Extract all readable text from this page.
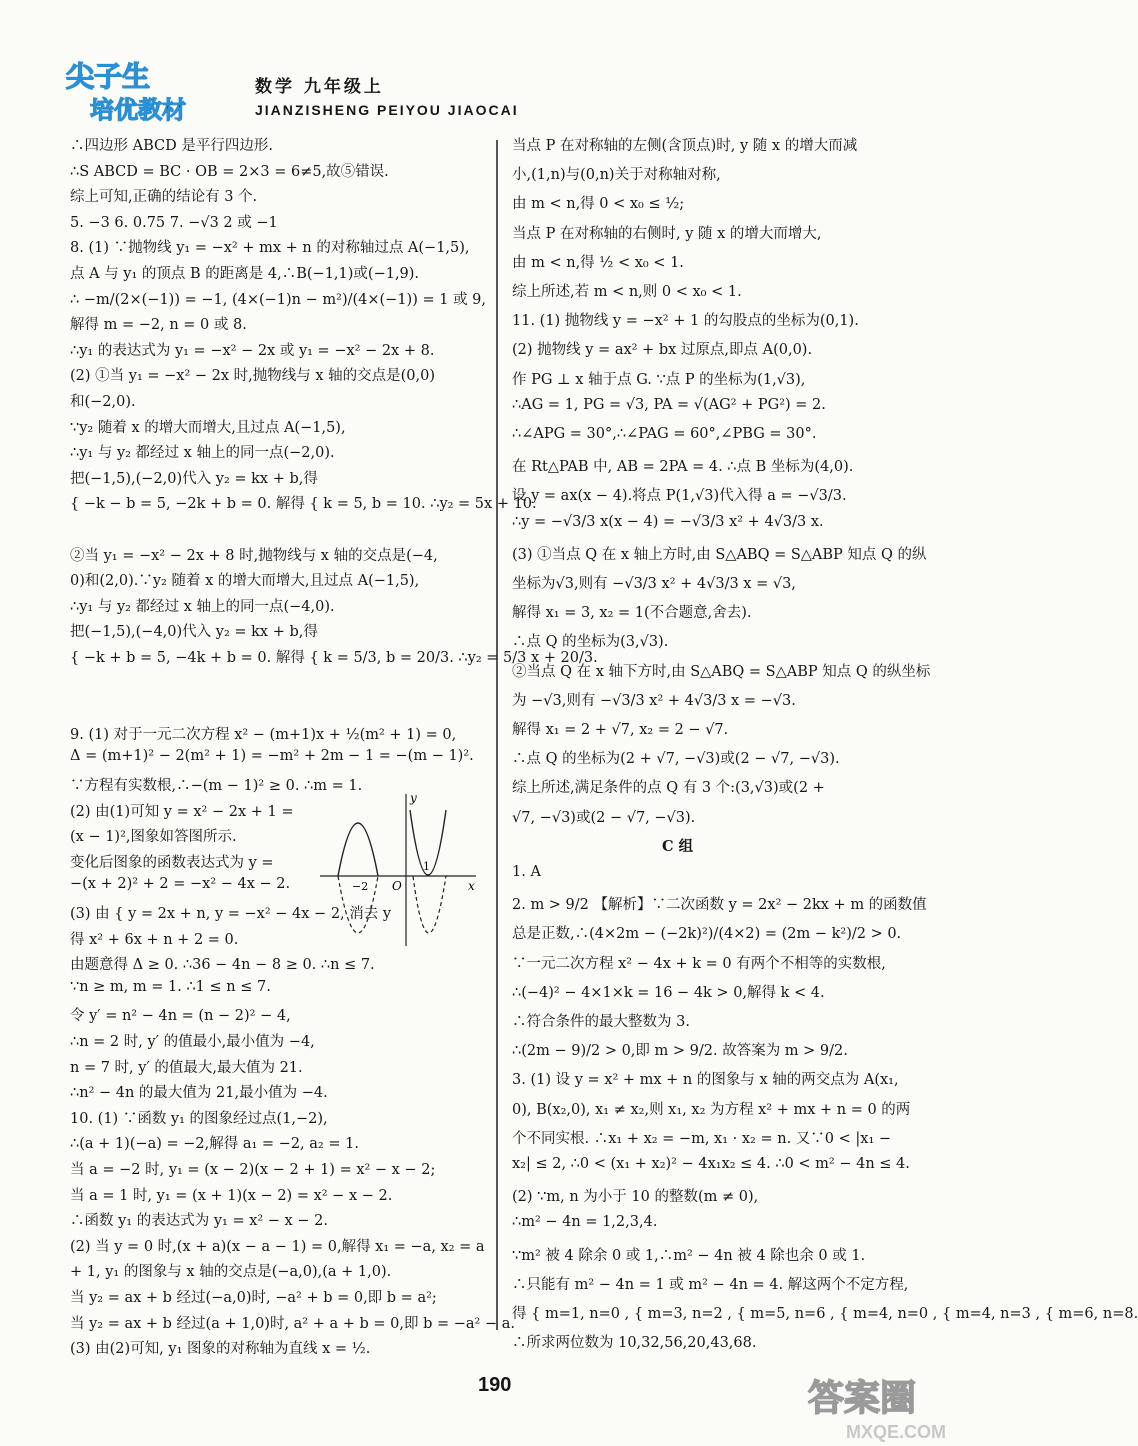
尖子生
培优教材
数学 九年级上
JIANZISHENG PEIYOU JIAOCAI
∴四边形 ABCD 是平行四边形.
∴S ABCD = BC · OB = 2×3 = 6≠5,故⑤错误.
综上可知,正确的结论有 3 个.
5. −3 6. 0.75 7. −√3 2 或 −1
8. (1) ∵抛物线 y₁ = −x² + mx + n 的对称轴过点 A(−1,5),
点 A 与 y₁ 的顶点 B 的距离是 4,∴B(−1,1)或(−1,9).
∴ −m/(2×(−1)) = −1, (4×(−1)n − m²)/(4×(−1)) = 1 或 9,
解得 m = −2, n = 0 或 8.
∴y₁ 的表达式为 y₁ = −x² − 2x 或 y₁ = −x² − 2x + 8.
(2) ①当 y₁ = −x² − 2x 时,抛物线与 x 轴的交点是(0,0)
和(−2,0).
∵y₂ 随着 x 的增大而增大,且过点 A(−1,5),
∴y₁ 与 y₂ 都经过 x 轴上的同一点(−2,0).
把(−1,5),(−2,0)代入 y₂ = kx + b,得
{ −k − b = 5, −2k + b = 0. 解得 { k = 5, b = 10. ∴y₂ = 5x + 10.
②当 y₁ = −x² − 2x + 8 时,抛物线与 x 轴的交点是(−4,
0)和(2,0).∵y₂ 随着 x 的增大而增大,且过点 A(−1,5),
∴y₁ 与 y₂ 都经过 x 轴上的同一点(−4,0).
把(−1,5),(−4,0)代入 y₂ = kx + b,得
{ −k + b = 5, −4k + b = 0. 解得 { k = 5/3, b = 20/3. ∴y₂ = 5/3 x + 20/3.
9. (1) 对于一元二次方程 x² − (m+1)x + ½(m² + 1) = 0,
Δ = (m+1)² − 2(m² + 1) = −m² + 2m − 1 = −(m − 1)².
∵方程有实数根,∴−(m − 1)² ≥ 0. ∴m = 1.
(2) 由(1)可知 y = x² − 2x + 1 =
(x − 1)²,图象如答图所示.
变化后图象的函数表达式为 y =
−(x + 2)² + 2 = −x² − 4x − 2.
(3) 由 { y = 2x + n, y = −x² − 4x − 2, 消去 y
得 x² + 6x + n + 2 = 0.
由题意得 Δ ≥ 0. ∴36 − 4n − 8 ≥ 0. ∴n ≤ 7.
∵n ≥ m, m = 1. ∴1 ≤ n ≤ 7.
令 y′ = n² − 4n = (n − 2)² − 4,
∴n = 2 时, y′ 的值最小,最小值为 −4,
n = 7 时, y′ 的值最大,最大值为 21.
∴n² − 4n 的最大值为 21,最小值为 −4.
10. (1) ∵函数 y₁ 的图象经过点(1,−2),
∴(a + 1)(−a) = −2,解得 a₁ = −2, a₂ = 1.
当 a = −2 时, y₁ = (x − 2)(x − 2 + 1) = x² − x − 2;
当 a = 1 时, y₁ = (x + 1)(x − 2) = x² − x − 2.
∴函数 y₁ 的表达式为 y₁ = x² − x − 2.
(2) 当 y = 0 时,(x + a)(x − a − 1) = 0,解得 x₁ = −a, x₂ = a
+ 1, y₁ 的图象与 x 轴的交点是(−a,0),(a + 1,0).
当 y₂ = ax + b 经过(−a,0)时, −a² + b = 0,即 b = a²;
当 y₂ = ax + b 经过(a + 1,0)时, a² + a + b = 0,即 b = −a² − a.
(3) 由(2)可知, y₁ 图象的对称轴为直线 x = ½.
当点 P 在对称轴的左侧(含顶点)时, y 随 x 的增大而减
小,(1,n)与(0,n)关于对称轴对称,
由 m < n,得 0 < x₀ ≤ ½;
当点 P 在对称轴的右侧时, y 随 x 的增大而增大,
由 m < n,得 ½ < x₀ < 1.
综上所述,若 m < n,则 0 < x₀ < 1.
11. (1) 抛物线 y = −x² + 1 的勾股点的坐标为(0,1).
(2) 抛物线 y = ax² + bx 过原点,即点 A(0,0).
作 PG ⊥ x 轴于点 G. ∵点 P 的坐标为(1,√3),
∴AG = 1, PG = √3, PA = √(AG² + PG²) = 2.
∴∠APG = 30°,∴∠PAG = 60°,∠PBG = 30°.
在 Rt△PAB 中, AB = 2PA = 4. ∴点 B 坐标为(4,0).
设 y = ax(x − 4).将点 P(1,√3)代入得 a = −√3/3.
∴y = −√3/3 x(x − 4) = −√3/3 x² + 4√3/3 x.
(3) ①当点 Q 在 x 轴上方时,由 S△ABQ = S△ABP 知点 Q 的纵
坐标为√3,则有 −√3/3 x² + 4√3/3 x = √3,
解得 x₁ = 3, x₂ = 1(不合题意,舍去).
∴点 Q 的坐标为(3,√3).
②当点 Q 在 x 轴下方时,由 S△ABQ = S△ABP 知点 Q 的纵坐标
为 −√3,则有 −√3/3 x² + 4√3/3 x = −√3.
解得 x₁ = 2 + √7, x₂ = 2 − √7.
∴点 Q 的坐标为(2 + √7, −√3)或(2 − √7, −√3).
综上所述,满足条件的点 Q 有 3 个:(3,√3)或(2 +
√7, −√3)或(2 − √7, −√3).
C 组
1. A
2. m > 9/2 【解析】∵二次函数 y = 2x² − 2kx + m 的函数值
总是正数,∴(4×2m − (−2k)²)/(4×2) = (2m − k²)/2 > 0.
∵一元二次方程 x² − 4x + k = 0 有两个不相等的实数根,
∴(−4)² − 4×1×k = 16 − 4k > 0,解得 k < 4.
∴符合条件的最大整数为 3.
∴(2m − 9)/2 > 0,即 m > 9/2. 故答案为 m > 9/2.
3. (1) 设 y = x² + mx + n 的图象与 x 轴的两交点为 A(x₁,
0), B(x₂,0), x₁ ≠ x₂,则 x₁, x₂ 为方程 x² + mx + n = 0 的两
个不同实根. ∴x₁ + x₂ = −m, x₁ · x₂ = n. 又∵0 < |x₁ −
x₂| ≤ 2, ∴0 < (x₁ + x₂)² − 4x₁x₂ ≤ 4. ∴0 < m² − 4n ≤ 4.
(2) ∵m, n 为小于 10 的整数(m ≠ 0),
∴m² − 4n = 1,2,3,4.
∵m² 被 4 除余 0 或 1,∴m² − 4n 被 4 除也余 0 或 1.
∴只能有 m² − 4n = 1 或 m² − 4n = 4. 解这两个不定方程,
得 { m=1, n=0 , { m=3, n=2 , { m=5, n=6 , { m=4, n=0 , { m=4, n=3 , { m=6, n=8.
∴所求两位数为 10,32,56,20,43,68.
y
x
O
−2
1
190	答案圈
MXQE.COM
